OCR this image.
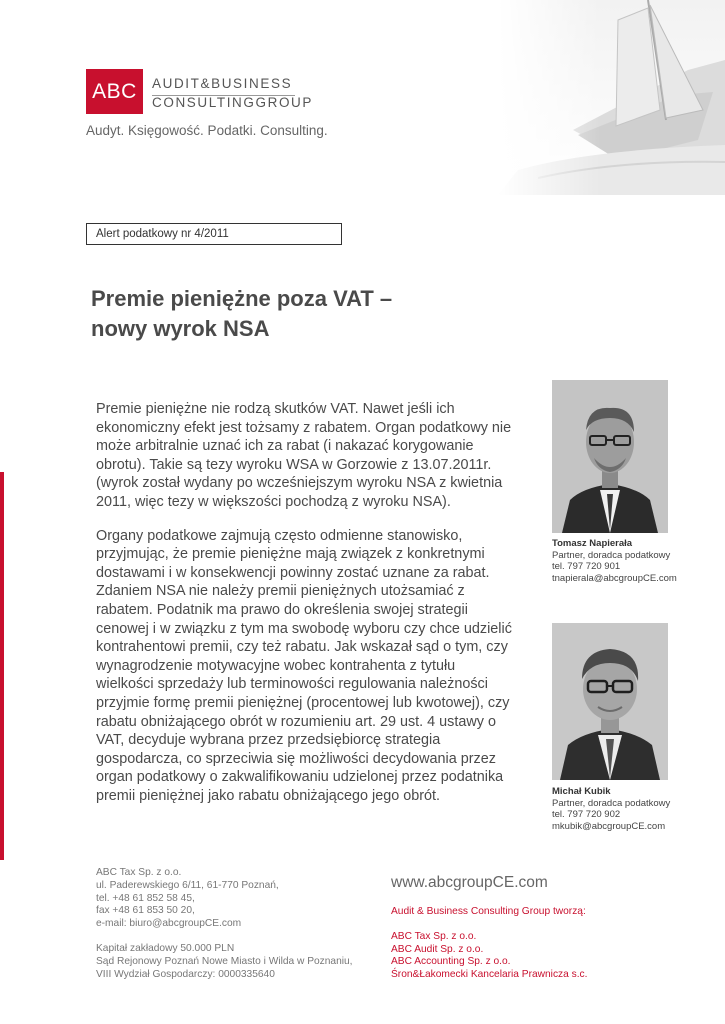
ABC	AUDIT&BUSINESS
CONSULTINGGROUP
Audyt. Księgowość. Podatki. Consulting.
Alert podatkowy nr 4/2011
Premie pieniężne poza VAT –
nowy wyrok NSA

Premie pieniężne nie rodzą skutków VAT. Nawet jeśli ich ekonomiczny efekt jest tożsamy z rabatem. Organ podatkowy nie może arbitralnie uznać ich za rabat (i nakazać korygowanie obrotu). Takie są tezy wyroku WSA w Gorzowie z 13.07.2011r. (wyrok został wydany po wcześniejszym wyroku NSA z kwietnia 2011, więc tezy w większości pochodzą z wyroku NSA).

Organy podatkowe zajmują często odmienne stanowisko, przyjmując, że premie pieniężne mają związek z konkretnymi dostawami i w konsekwencji powinny zostać uznane za rabat. Zdaniem NSA nie należy premii pieniężnych utożsamiać z rabatem. Podatnik ma prawo do określenia swojej strategii cenowej i w związku z tym ma swobodę wyboru czy chce udzielić kontrahentowi premii, czy też rabatu. Jak wskazał sąd o tym, czy wynagrodzenie motywacyjne wobec kontrahenta z tytułu wielkości sprzedaży lub terminowości regulowania należności przyjmie formę premii pieniężnej (procentowej lub kwotowej), czy rabatu obniżającego obrót w rozumieniu art. 29 ust. 4 ustawy o VAT, decyduje wybrana przez przedsiębiorcę strategia gospodarcza, co sprzeciwia się możliwości decydowania przez organ podatkowy o zakwalifikowaniu udzielonej przez podatnika premii pieniężnej jako rabatu obniżającego jego obrót.

Tomasz Napierała
Partner, doradca podatkowy
tel. 797 720 901
tnapierala@abcgroupCE.com
Michał Kubik
Partner, doradca podatkowy
tel. 797 720 902
mkubik@abcgroupCE.com
ABC Tax Sp. z o.o.
ul. Paderewskiego 6/11, 61-770 Poznań,
tel. +48 61 852 58 45,
fax +48 61 853 50 20,
e-mail: biuro@abcgroupCE.com
Kapitał zakładowy 50.000 PLN
Sąd Rejonowy Poznań Nowe Miasto i Wilda w Poznaniu,
VIII Wydział Gospodarczy: 0000335640
www.abcgroupCE.com
Audit & Business Consulting Group tworzą:
ABC Tax Sp. z o.o.
ABC Audit Sp. z o.o.
ABC Accounting Sp. z o.o.
Śron&Łakomecki Kancelaria Prawnicza s.c.
